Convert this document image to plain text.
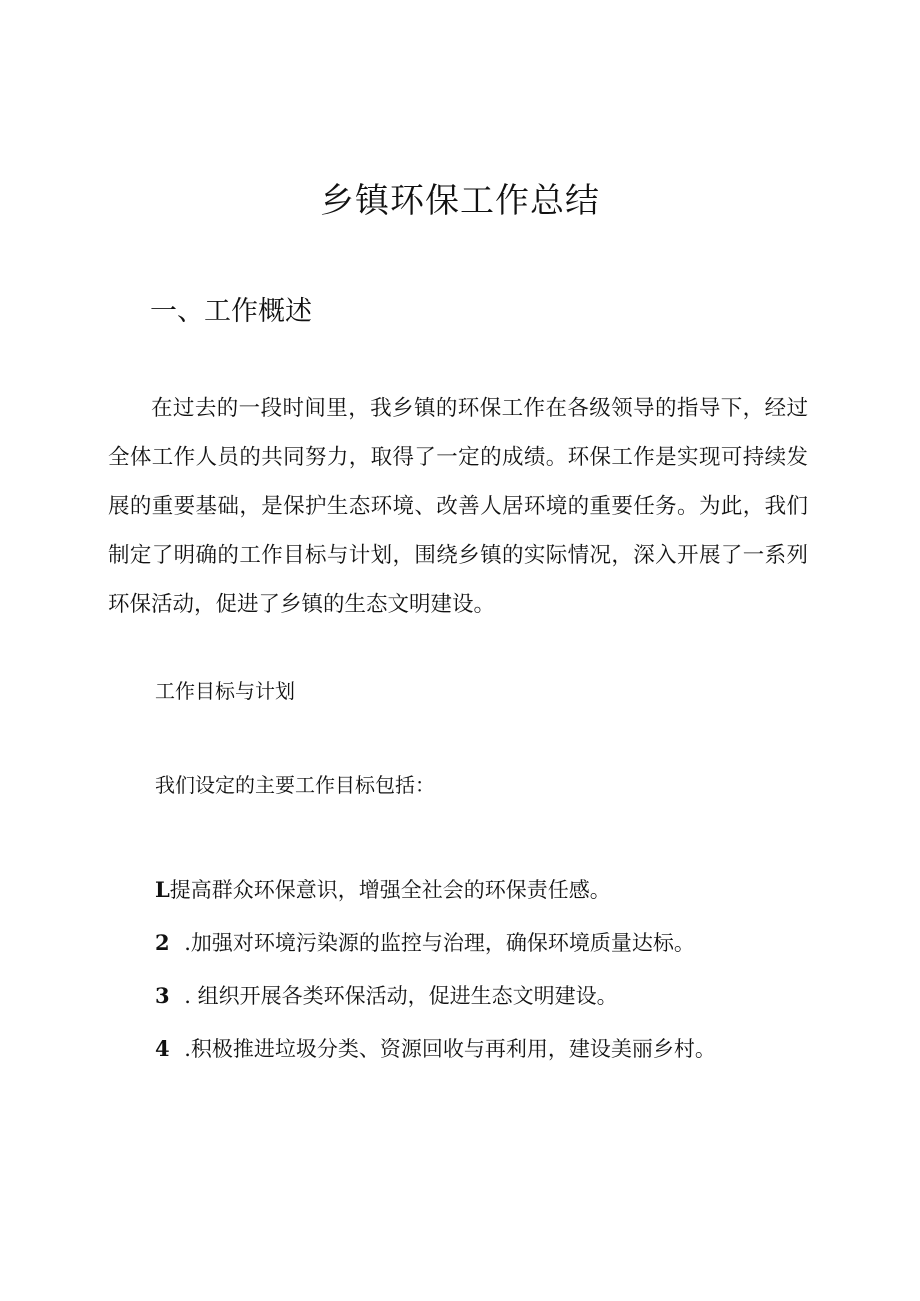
乡镇环保工作总结
一、工作概述
在过去的一段时间里，我乡镇的环保工作在各级领导的指导下，经过全体工作人员的共同努力，取得了一定的成绩。环保工作是实现可持续发展的重要基础，是保护生态环境、改善人居环境的重要任务。为此，我们制定了明确的工作目标与计划，围绕乡镇的实际情况，深入开展了一系列环保活动，促进了乡镇的生态文明建设。
工作目标与计划
我们设定的主要工作目标包括：
L提高群众环保意识，增强全社会的环保责任感。
2  .加强对环境污染源的监控与治理，确保环境质量达标。
3  . 组织开展各类环保活动，促进生态文明建设。
4  .积极推进垃圾分类、资源回收与再利用，建设美丽乡村。
